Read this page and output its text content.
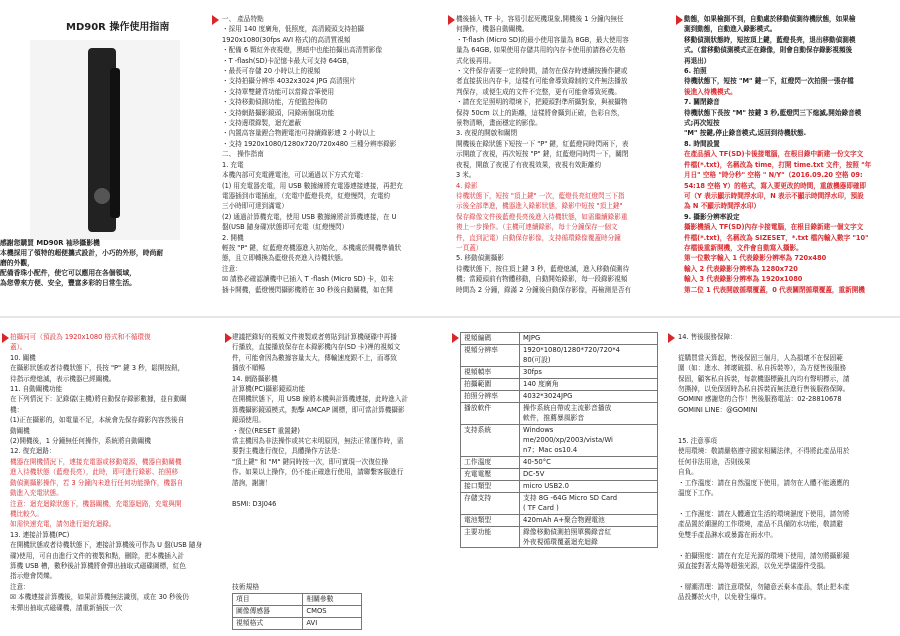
MD90R 操作使用指南
感謝您購買 MD90R 袖珍攝影機
本機採用了領特的超便攜式設計，小巧的外形，時尚耐
磨的外觀，
配備香珠小配件，使它可以應用在各個領域，
為您帶來方便、安全，豐富多彩的日常生活。
一、 產品特點
・採用 140 度廣角，低照度，高清鏡頭支持拍攝
1920x1080(30fps AVI 格式)的高清質視頻
・配備 6 顆紅外夜視燈，黑暗中也能拍攝出高清質影像
・T -flash(SD)卡記憶卡最大可支持 64GB，
・最長可存儲 20 小時以上的視頻
・支持拍攝分辨率 4032x3024 JPG 高清照片
・支持單雙鍵背功能可以當錄音筆使用
・支持移動偵測功能，方便監控佈防
・支持網路攝影鏡頭，同錄兩個現功能
・支持邊環錄製，迴充遮蔽
・內置高容量鋰合物鋰電池可持續錄影連 2 小時以上
・支持 1920x1080/1280x720/720x480 三種分辨率錄影
二、 操作指南
1. 充電
本機內部可充電鋰電池，可以通過以下方式充電：
(1) 用充電器充電，用 USB 數據線將充電器連接連接，再把充
電器插到市電插座，（充電中藍燈長亮，紅燈慢閃，充電約
三小時即可達到滿電）
(2) 通過計算機充電，使用 USB 數據線將計算機連接，在 U
盤(USB 隨身碟)狀態即可充電（紅燈慢閃）
2. 開機
輕按 "P" 鍵，紅藍燈亮機器進入初始化，本機處於開機準備狀
態，且立即轉換為藍燈長亮進入待機狀態。
注意：
☒ 請務必確認讀機中已插入 T -flash (Micro SD) 卡，如未
插卡開機，藍燈慢閃攝影機將在 30 秒後自動關機，如在開
機後插入 TF 卡，容易引起死機現象,開機後 1 分鐘內無任
何操作，機器自動關機。
・T-flash (Micro SD)的最小使用容量為 8GB，最大使用容
量為 64GB, 如果使用存儲共用的內存卡使用前請務必先格
式化後再用。
・文件保存需要一定的時間，請勿在保存時連續按操作鍵或
者直接拔出內存卡，這樣有可能會導致錄制的文件無法播放
判保存，或便生成的文件不完整，更有可能會導致死機。
・請在充足照明的環境下，把鏡頭對準所攝對象，與被攝物
保持 50cm 以上的距離，這樣將會攝到正確，色彩自然，
景物清晰，畫面穩定的影像。
3. 夜視的開啟和關閉
開機後在錄狀態下短按一下 "P" 鍵，紅藍燈同時閃兩下，表
示開啟了夜視，再次短按 "P" 鍵，紅藍燈同時閃一下，關閉
夜視，開啟了夜視了有夜視效果，夜視有效距離約
3 米。
4. 錄影
待機狀態下，短按 "頂上鍵" 一次，藍燈長亮紅燈閃三下指
示後全部準進，機器進入錄影狀態，錄影中短按 "頂上鍵"
保存錄像文件後藍燈長亮後進入待機狀態，如需繼續錄影重
複上一步操作。（主機可連續錄影，每十分鐘保存一個文
件，直到記電）自動保存影像，支持循環錄像覆蓋時分鐘
一頁蓋）
5. 移動偵測攝影
待機狀態下，按住頂上鍵 3 秒，藍燈熄滅，進入移動偵測待
機；當鏡頭前有物體移動，自動開始錄影，每一段錄影視頻
時間為 2 分鐘，錄滿 2 分鐘後自動保存影像，再檢測是否有
動態，如果檢測不到，自動處於移動偵測待機狀態，如果檢
測到動態，自動進入錄影模式。
移動偵測狀態時，短按頂上鍵，藍燈長亮，退出移動偵測模
式。（當移動偵測模式正在錄像，則會自動保存錄影視頻後
再退出）
6. 拍照
待機狀態下，短按 "M" 鍵一下，紅燈閃一次拍照一張存檔
後進入待機模式。
7. 關閉錄音
待機狀態下長按 "M" 按鍵 3 秒,藍燈閃三下熄滅,開始錄音模
式;再次短按
"M" 按鍵,停止錄音模式,返回到待機狀態.
8. 時間設置
在產品插入 TF(SD)卡後接電腦，在根目錄中新建一份文字文
件檔(*.txt)，名稱改為 time，打開 time.txt 文件，按照 "年
月日" 空格 "時分秒" 空格 " N/Y"（2016.09.20 空格 09:
54:18 空格 Y）的格式，寫入要更改的時間，重啟機器即確即
可（Y 表示顯示時間浮水印，N 表示不顯示時間浮水印，預設
為 N 不顯示時間浮水印）
9. 攝影分辨率設定
攝影機插入 TF(SD)內存卡接電腦，在根目錄新建一個文字文
件檔(*.txt)，名稱改為 SIZESET，*.txt 檔內輸入數字 "10"
存檔後重新開機，文件會自動寫入攝影。
第一位數字輸入 1 代表錄影分辨率為 720x480
輸入 2 代表錄影分辨率為 1280x720
輸入 3 代表錄影分辨率為 1920x1080
第二位 1 代表開啟循環覆蓋，0 代表關閉循環覆蓋，重新開機
拍攝同可（預設為 1920x1080 格式和不循環復
蓋）。
10. 關機
在攝影狀態或者待機狀態下，長按 "P" 鍵 3 秒，鬆開按鈕，
待指示燈熄滅，表示機器已經關機。
11. 自動關機功能
在下列情況下：記錄儀(主機)將自動保存錄影數據，並自動關
機：
(1)正在攝影的，如電量不足，本統會先保存錄影內容然後自
動關機
(2)開機後，1 分鐘無任何操作，系統將自動關機
12. 復充迴路：
機器在開機情況下，連接充電器或移動電源，機器自動關機
進入待機狀態（藍燈長亮），此時，即可進行錄影、拍照移
動偵測攝影操作，若 3 分鐘內未進行任何功能操作，機器自
動進入充電狀態。
注意：迴充迴錄狀態下，機器關機，充電器迴路，充電與開
機比較久。
如需快速充電，請勿進行迴充迴錄。
13. 連接計算機(PC)
在開機狀態或者待機狀態下，連接計算機後可作為 U 盤(USB 隨身
碟)使用，可自由進行文件的複製和點，刪除，把本機插入計
算機 USB 槽，數秒後計算機將會彈出抽取式磁碟圖標，紅色
指示燈會閃爍。
注意：
☒ 本機連接計算機後，如果計算機無法識別，或在 30 秒後仍
未彈出抽取式磁碟機，請重新插拔一次
建議把錄好的視頻文件複製或者剪貼到計算機硬碟中再播
行播放，直接播放保存在本錄影機內存(SD 卡)裡的視頻文
件，可能會因為數據容量太大，傳輸速度跟不上，而導致
播放不順暢
14. 網路攝影機
計算機(PC)攝影鏡頭功能
在開機狀態下，用 USB 線將本機與計算機連接，此時進入計
算機攝影鏡頭模式，點擊 AMCAP 圖標，即可當計算機攝影
鏡頭使用。
・復位(RESET 重置鍵)
當主機因為非法操作或其它未明原因，無法正常運作時，需
要對主機進行復位，具體操作方法是：
"頂上鍵" 和 "M" 鍵同時按一次，即可實現一次復位操
作。如果以上操作，仍不能正確進行使用，請聯繫客服進行
諮詢，謝謝！

BSMI: D3J046
技術規格
項目	相關參數
圖像傳感器	CMOS
視頻格式	AVI
視頻編碼	MJPG

視頻分辨率	1920*1080/1280*720/720*4
80(可設)

視頻幀率	30fps

拍攝範圍	140 度廣角

拍照分辨率	4032*3024JPG

播放軟件	操作系統自帶或主流影音播放
軟件，推薦暴風影音

支持系統	Windows
me/2000/xp/2003/vista/Wi
n7；Mac os10.4

工作溫度	40-50°C

充電電壓	DC-5V

接口類型	micro USB2.0

存儲支持	支持 8G -64G Micro SD Card
( TF Card )

電池類型	420mAh A+聚合物鋰電池

主要功能	錄像移動偵測拍照單獨錄音紅
外夜視循環覆蓋迴充迴錄
14. 售後服務保障：

從購買當天算起，售後保固三個月，人為損壞不在保固範
圍（如：進水、摔壞破損、私自拆裝等），為方便售後服務
保固，顧客私自拆裝，每款機器標籤扎內均有聲明標示，請
勿撕掉，以免保固時為私自拆裝而無法進行售後服務保障。
GOMINI 感謝您的合作！售後服務電話：02-28810678
GOMINI LINE：@GOMINI

15. 注意事項
使用環境：敬請嚴格遵守國家相關法律，不得將此產品用於
任何非法用途，否則後果
自負。
・工作溫度：請在自然溫度下使用，請勿在人體不能適應的
溫度下工作。

・工作濕度：請在人體適宜生活的環境濕度下使用，請勿將
產品置於潮濕的工作環境，產品不具備防水功能，敬請避
免雙手產品淋水或暴露在雨水中。

・拍攝照度：請在有充足光源的環境下使用，請勿將攝影鏡
頭直接對著太陽等超強光源，以免光學儀器件受損。

・層潮清理：請注意環保，勿隨意丟棄本產品，禁止把本產
品投擲於火中，以免發生爆炸。
